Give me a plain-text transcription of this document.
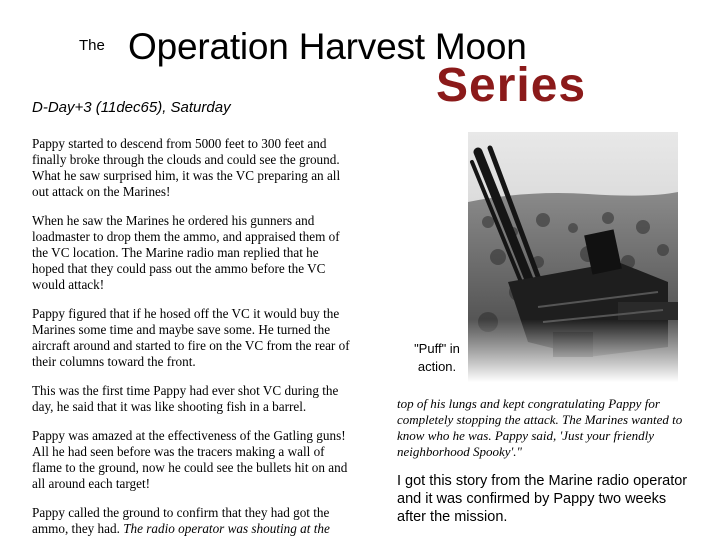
The Operation Harvest Moon
Series
D-Day+3 (11dec65), Saturday

Pappy started to descend from 5000 feet to 300 feet and finally broke through the clouds and could see the ground. What he saw surprised him, it was the VC preparing an all out attack on the Marines!

When he saw the Marines he ordered his gunners and loadmaster to drop them the ammo, and appraised them of the VC location. The Marine radio man replied that he hoped that they could pass out the ammo before the VC would attack!

Pappy figured that if he hosed off the VC it would buy the Marines some time and maybe save some. He turned the aircraft around and started to fire on the VC from the rear of their columns toward the front.

This was the first time Pappy had ever shot VC during the day, he said that it was like shooting fish in a barrel.

Pappy was amazed at the effectiveness of the Gatling guns! All he had seen before was the tracers making a wall of flame to the ground, now he could see the bullets hit on and all around each target!

Pappy called the ground to confirm that they had got the ammo, they had. The radio operator was shouting at the

"Puff" in action.
top of his lungs and kept congratulating Pappy for completely stopping the attack. The Marines wanted to know who he was. Pappy said, 'Just your friendly neighborhood Spooky'."
I got this story from the Marine radio operator and it was confirmed by Pappy two weeks after the mission.
